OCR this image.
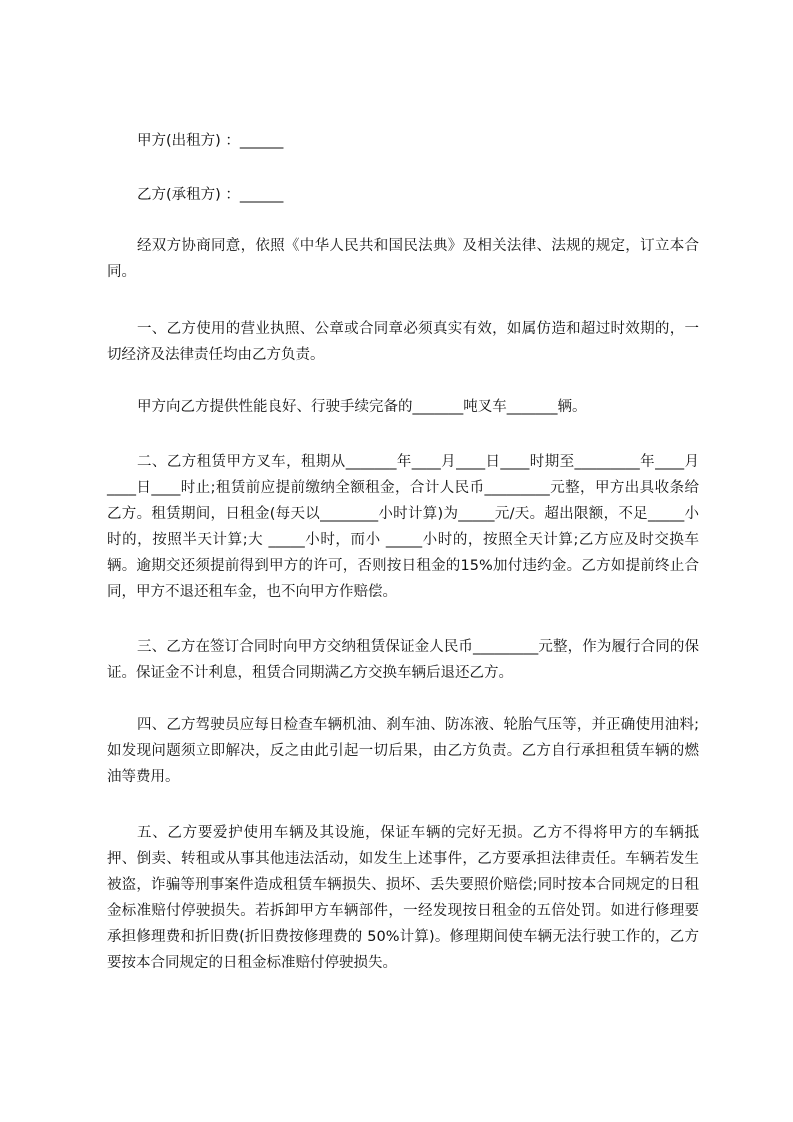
甲方(出租方) ：______

乙方(承租方) ：______

经双方协商同意，依照《中华人民共和国民法典》及相关法律、法规的规定，订立本合同。

一、乙方使用的营业执照、公章或合同章必须真实有效，如属仿造和超过时效期的，一切经济及法律责任均由乙方负责。

甲方向乙方提供性能良好、行驶手续完备的_______吨叉车_______辆。

二、乙方租赁甲方叉车，租期从_______年____月____日____时期至_________年____月____日____时止;租赁前应提前缴纳全额租金，合计人民币_________元整，甲方出具收条给乙方。租赁期间，日租金(每天以________小时计算)为_____元/天。超出限额，不足_____小时的，按照半天计算;大 _____小时，而小 _____小时的，按照全天计算;乙方应及时交换车辆。逾期交还须提前得到甲方的许可，否则按日租金的15%加付违约金。乙方如提前终止合同，甲方不退还租车金，也不向甲方作赔偿。

三、乙方在签订合同时向甲方交纳租赁保证金人民币_________元整，作为履行合同的保证。保证金不计利息，租赁合同期满乙方交换车辆后退还乙方。

四、乙方驾驶员应每日检查车辆机油、刹车油、防冻液、轮胎气压等，并正确使用油料;如发现问题须立即解决，反之由此引起一切后果，由乙方负责。乙方自行承担租赁车辆的燃油等费用。

五、乙方要爱护使用车辆及其设施，保证车辆的完好无损。乙方不得将甲方的车辆抵押、倒卖、转租或从事其他违法活动，如发生上述事件，乙方要承担法律责任。车辆若发生被盗，诈骗等刑事案件造成租赁车辆损失、损坏、丢失要照价赔偿;同时按本合同规定的日租金标准赔付停驶损失。若拆卸甲方车辆部件，一经发现按日租金的五倍处罚。如进行修理要承担修理费和折旧费(折旧费按修理费的 50%计算)。修理期间使车辆无法行驶工作的，乙方要按本合同规定的日租金标准赔付停驶损失。
